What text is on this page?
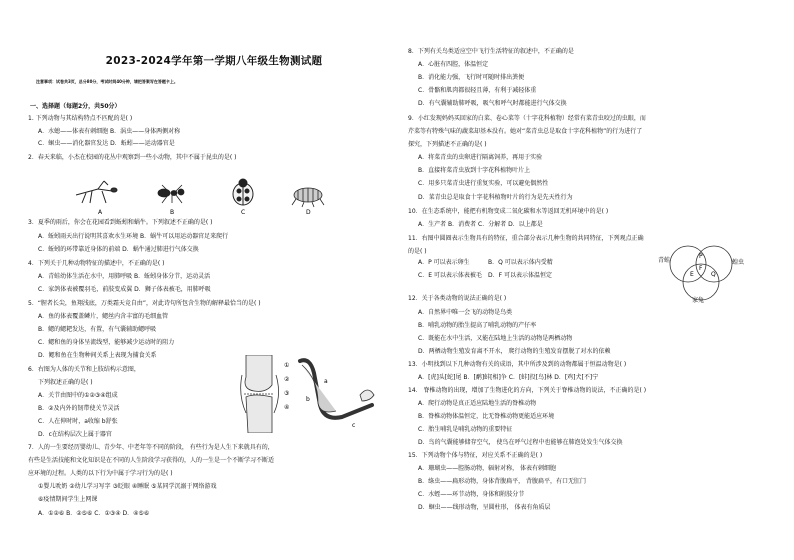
2023-2024学年第一学期八年级生物测试题
注意事项：试卷共3页，总分80分，考试时间40分钟，请把答案写在答题卡上。
一、选择题（每题2分，共50分）
1. 下列动物与其结构特点不匹配的是( )
A．水螅——体表有刺细胞 B．涡虫——身体两侧对称
C．蛔虫——消化器官发达 D．蚯蚓——运动器官是
2．春天来临，小杰在校园的花丛中观察到一些小动物，其中不属于昆虫的是( )
3．夏季的雨后，你会在花园看到蚯蚓和蜗牛。下列叙述不正确的是( )
A．蚯蚓雨天出行说明其喜欢水生环境 B．蜗牛可以用运动器官足来爬行
C．蚯蚓的环带靠近身体的前端 D．蜗牛通过肺进行气体交换
4．下列关于几种动物特征的描述中，不正确的是( )
A．青蛙幼体生活在水中，用肺呼吸 B．蚯蚓身体分节，运动灵活
C．家鸽体表被覆羽毛，前肢变成翼 D．狮子体表被毛，用肺呼吸
5．“腥者长尖，鱼翔浅底，万类霜天竞自由”，对此诗句所包含生物的解释最恰当的是( )
A．鱼的体表覆盖鳞片，鳃丝内含丰富的毛细血管
B．鳃的鳃耙发达，有置，有气囊辅助鳃呼吸
C．鳃和鱼的身体呈流线型，能够减少运动时的阻力
D．鳃和鱼在生物种间关系上表现为捕食关系
6．右图为人体的关节和上肢结构示意图，
下列叙述正确的是( )
A．关节由图中的①②③④组成
B．②及内外的韧带使关节灵活
C．人在伸时时，a收缩 b舒张
D．c在结构层次上属于器官
7．人的一生要经历婴幼儿、青少年、中老年等不同的阶段， 有些行为是人生下来就具有的，
有些是生活技能和文化知识是在不同的人生阶段学习获得的，人的一生是一个不断学习不断适
应环境的过程。人类的以下行为中属于学习行为的是( )
①婴儿吮奶 ②幼儿学习写字 ③眨眼 ④睡眠 ⑤某同学沉溺于网络游戏
⑥疫情期间学生上网课
A．①②⑥ B．②⑤⑥ C．①③④ D．④⑤⑥
A	B	C	D
①
②
③
④
a
b
c
8．下列有关鸟类适应空中飞行生活特征的叙述中，不正确的是
A．心脏有四腔，体温恒定
B．消化能力强，飞行时可随时排出粪便
C．骨骼和肌肉都很轻且薄，有利于减轻体重
D．有气囊辅助肺呼吸，吸气和呼气时都能进行气体交换
9．小红发现妈妈买回家的白菜、卷心菜等（十字花科植物）经常有菜青虫咬过的虫眼，而
芹菜等有特殊气味的蔬菜却基本没有。她对“菜青虫总是取食十字花科植物”的行为进行了
探究，下列描述不正确的是( )
A．将菜青虫的虫卵进行隔离饲养，再用于实验
B．直接将菜青虫放到十字花科植物叶片上
C．用多只菜青虫进行重复实验，可以避免偶然性
D．菜青虫总是取食十字花科植物叶片的行为是先天性行为
10．在生态系统中，能把有机物变成二氧化碳和水等返回无机环境中的是( )
A．生产者 B．消费者 C．分解者 D．以上都是
11．右图中圆圈表示生物具有的特征，重合部分表示几种生物的共同特征，下列观点正确
的是( )
A．P 可以表示卵生	B．Q 可以表示体内受精
C．E 可以表示体表被毛 D．F 可以表示体温恒定
12．关于各类动物的说法正确的是( )
A．自然界中唯一会飞的动物是鸟类
B．哺乳动物的胎生提高了哺乳动物的产仔率
C．既能在水中生活，又能在陆地上生活的动物是两栖动物
D．两栖动物生殖发育离不开水， 爬行动物的生殖发育摆脱了对水的依赖
13．小明找到以下几种动物有关的成语，其中所涉及到的动物都属于恒温动物是( )
A．[虎]头[蛇]尾 B．[鹬]蚌[相]争 C．[蚌]投[鸟]林 D．[鸡]犬[不]宁
14． 脊椎动物的出现，增加了生物进化的方向，下列关于脊椎动物的说法，不正确的是( )
A．爬行动物是真正适应陆地生活的脊椎动物
B．脊椎动物体温恒定，比无脊椎动物更能适应环境
C．胎生哺乳是哺乳动物的重要特征
D．鸟的气囊能够储存空气， 使鸟在呼气过程中也能够在肺泡处发生气体交换
15．下列动物个体与特征，对应关系不正确的是( )
A．珊瑚虫——腔肠动物，辐射对称， 体表有刺细胞
B．绦虫——扁形动物，身体背腹扁平， 背腹扁平，有口无肛门
C．水蛭——环节动物，身体和附肢分节
D．蛔虫——线形动物，呈圆柱形， 体表有角质层
青蛙	蝗虫
家兔
P
Q
E
F
